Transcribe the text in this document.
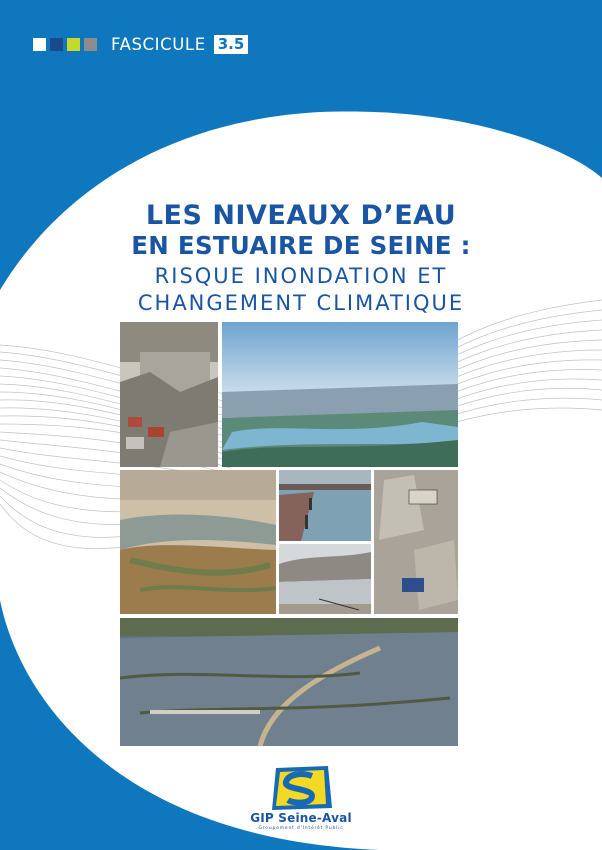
FASCICULE 3.5
LES NIVEAUX D’EAU
EN ESTUAIRE DE SEINE :
RISQUE INONDATION ET
CHANGEMENT CLIMATIQUE
GIP Seine-Aval
Groupement d'Intérêt Public
